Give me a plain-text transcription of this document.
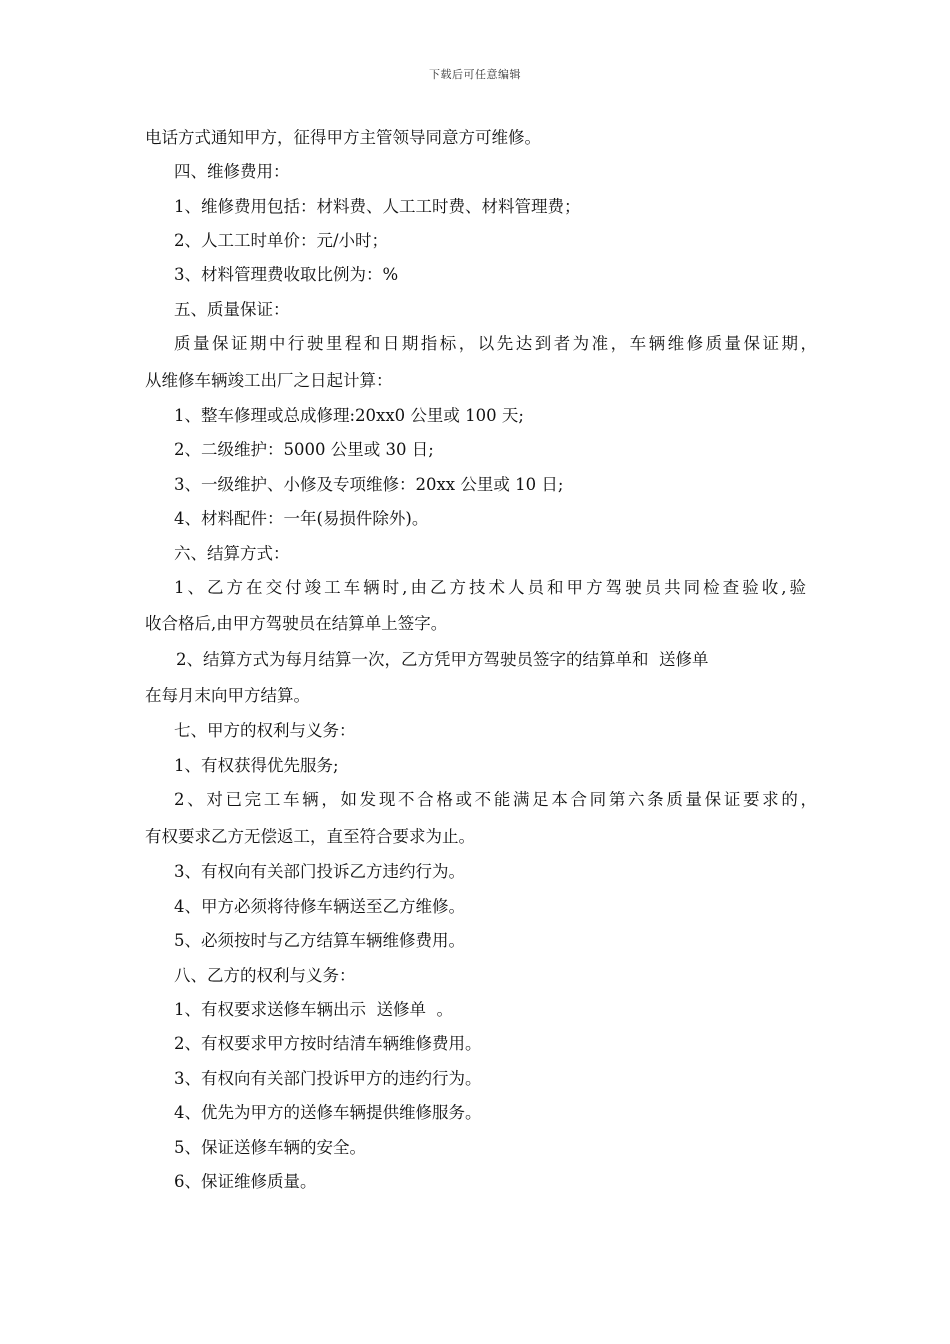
下载后可任意编辑
电话方式通知甲方，征得甲方主管领导同意方可维修。
四、维修费用：
1、维修费用包括：材料费、人工工时费、材料管理费；
2、人工工时单价：元/小时；
3、材料管理费收取比例为：%
五、质量保证：
质量保证期中行驶里程和日期指标，以先达到者为准，车辆维修质量保证期，
从维修车辆竣工出厂之日起计算：
1、整车修理或总成修理:20xx0 公里或 100 天;
2、二级维护：5000 公里或 30 日;
3、一级维护、小修及专项维修：20xx 公里或 10 日;
4、材料配件：一年(易损件除外)。
六、结算方式：
1、乙方在交付竣工车辆时,由乙方技术人员和甲方驾驶员共同检查验收,验
收合格后,由甲方驾驶员在结算单上签字。
2、结算方式为每月结算一次，乙方凭甲方驾驶员签字的结算单和  送修单
在每月末向甲方结算。
七、甲方的权利与义务：
1、有权获得优先服务;
2、对已完工车辆，如发现不合格或不能满足本合同第六条质量保证要求的，
有权要求乙方无偿返工，直至符合要求为止。
3、有权向有关部门投诉乙方违约行为。
4、甲方必须将待修车辆送至乙方维修。
5、必须按时与乙方结算车辆维修费用。
八、乙方的权利与义务：
1、有权要求送修车辆出示  送修单  。
2、有权要求甲方按时结清车辆维修费用。
3、有权向有关部门投诉甲方的违约行为。
4、优先为甲方的送修车辆提供维修服务。
5、保证送修车辆的安全。
6、保证维修质量。
